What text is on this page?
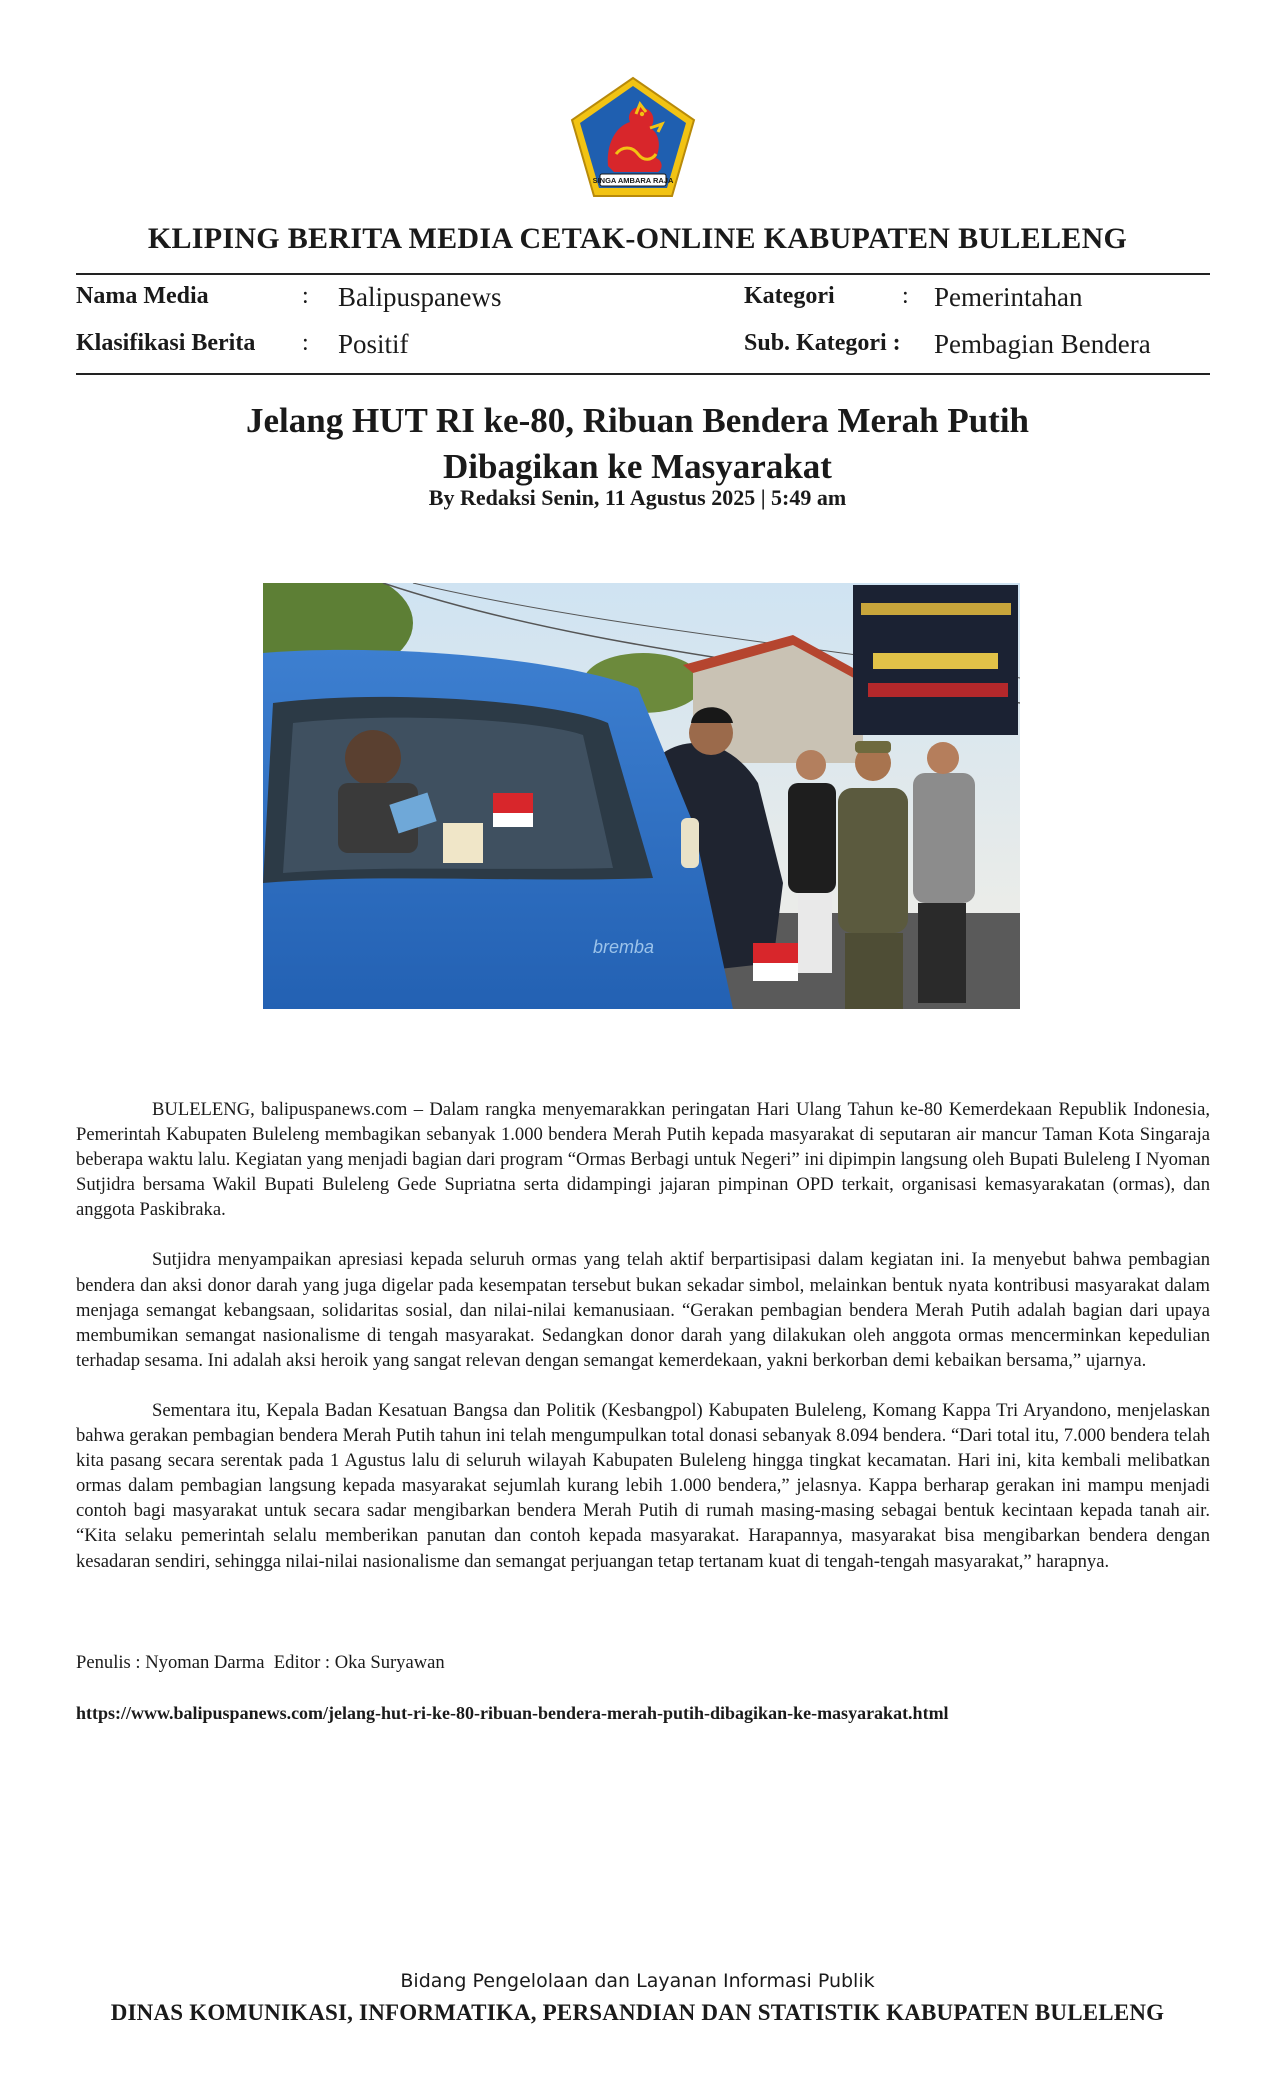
SINGA AMBARA RAJA
KLIPING BERITA MEDIA CETAK-ONLINE KABUPATEN BULELENG
Nama Media	: Balipuspanews	Kategori	: Pemerintahan
Klasifikasi Berita : Positif	Sub. Kategori : Pembagian Bendera
Jelang HUT RI ke-80, Ribuan Bendera Merah Putih
Dibagikan ke Masyarakat
By Redaksi Senin, 11 Agustus 2025 | 5:49 am
bremba

BULELENG, balipuspanews.com – Dalam rangka menyemarakkan peringatan Hari Ulang Tahun ke-80 Kemerdekaan Republik Indonesia, Pemerintah Kabupaten Buleleng membagikan sebanyak 1.000 bendera Merah Putih kepada masyarakat di seputaran air mancur Taman Kota Singaraja beberapa waktu lalu. Kegiatan yang menjadi bagian dari program “Ormas Berbagi untuk Negeri” ini dipimpin langsung oleh Bupati Buleleng I Nyoman Sutjidra bersama Wakil Bupati Buleleng Gede Supriatna serta didampingi jajaran pimpinan OPD terkait, organisasi kemasyarakatan (ormas), dan anggota Paskibraka.

Sutjidra menyampaikan apresiasi kepada seluruh ormas yang telah aktif berpartisipasi dalam kegiatan ini. Ia menyebut bahwa pembagian bendera dan aksi donor darah yang juga digelar pada kesempatan tersebut bukan sekadar simbol, melainkan bentuk nyata kontribusi masyarakat dalam menjaga semangat kebangsaan, solidaritas sosial, dan nilai-nilai kemanusiaan. “Gerakan pembagian bendera Merah Putih adalah bagian dari upaya membumikan semangat nasionalisme di tengah masyarakat. Sedangkan donor darah yang dilakukan oleh anggota ormas mencerminkan kepedulian terhadap sesama. Ini adalah aksi heroik yang sangat relevan dengan semangat kemerdekaan, yakni berkorban demi kebaikan bersama,” ujarnya.

Sementara itu, Kepala Badan Kesatuan Bangsa dan Politik (Kesbangpol) Kabupaten Buleleng, Komang Kappa Tri Aryandono, menjelaskan bahwa gerakan pembagian bendera Merah Putih tahun ini telah mengumpulkan total donasi sebanyak 8.094 bendera. “Dari total itu, 7.000 bendera telah kita pasang secara serentak pada 1 Agustus lalu di seluruh wilayah Kabupaten Buleleng hingga tingkat kecamatan. Hari ini, kita kembali melibatkan ormas dalam pembagian langsung kepada masyarakat sejumlah kurang lebih 1.000 bendera,” jelasnya. Kappa berharap gerakan ini mampu menjadi contoh bagi masyarakat untuk secara sadar mengibarkan bendera Merah Putih di rumah masing-masing sebagai bentuk kecintaan kepada tanah air. “Kita selaku pemerintah selalu memberikan panutan dan contoh kepada masyarakat. Harapannya, masyarakat bisa mengibarkan bendera dengan kesadaran sendiri, sehingga nilai-nilai nasionalisme dan semangat perjuangan tetap tertanam kuat di tengah-tengah masyarakat,” harapnya.

Penulis : Nyoman Darma  Editor : Oka Suryawan
https://www.balipuspanews.com/jelang-hut-ri-ke-80-ribuan-bendera-merah-putih-dibagikan-ke-masyarakat.html
Bidang Pengelolaan dan Layanan Informasi Publik
DINAS KOMUNIKASI, INFORMATIKA, PERSANDIAN DAN STATISTIK KABUPATEN BULELENG
